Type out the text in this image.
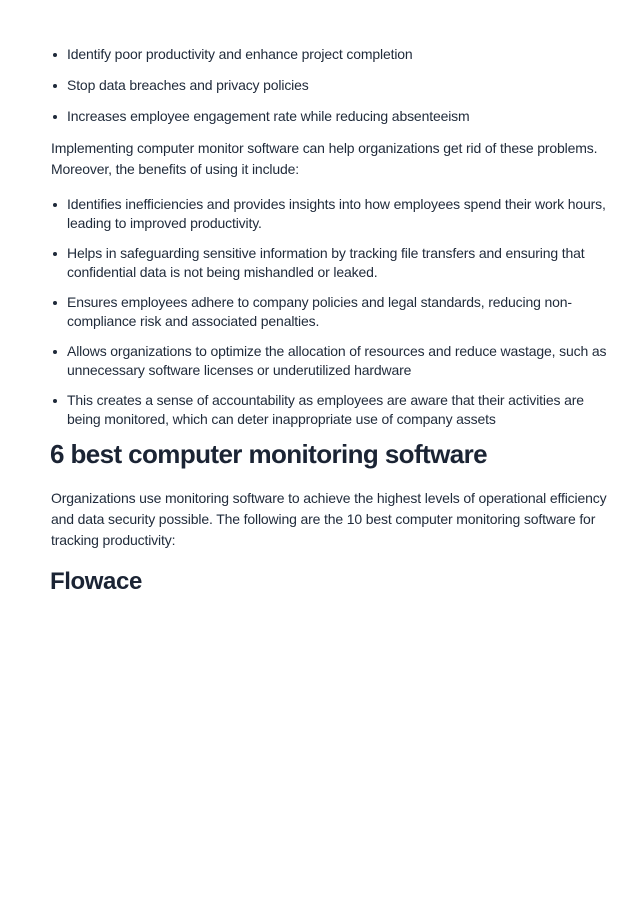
Identify poor productivity and enhance project completion
Stop data breaches and privacy policies
Increases employee engagement rate while reducing absenteeism

Implementing computer monitor software can help organizations get rid of these problems. Moreover, the benefits of using it include:

Identifies inefficiencies and provides insights into how employees spend their work hours, leading to improved productivity.
Helps in safeguarding sensitive information by tracking file transfers and ensuring that confidential data is not being mishandled or leaked.
Ensures employees adhere to company policies and legal standards, reducing non-compliance risk and associated penalties.
Allows organizations to optimize the allocation of resources and reduce wastage, such as unnecessary software licenses or underutilized hardware
This creates a sense of accountability as employees are aware that their activities are being monitored, which can deter inappropriate use of company assets
6 best computer monitoring software

Organizations use monitoring software to achieve the highest levels of operational efficiency and data security possible. The following are the 10 best computer monitoring software for tracking productivity:

Flowace
